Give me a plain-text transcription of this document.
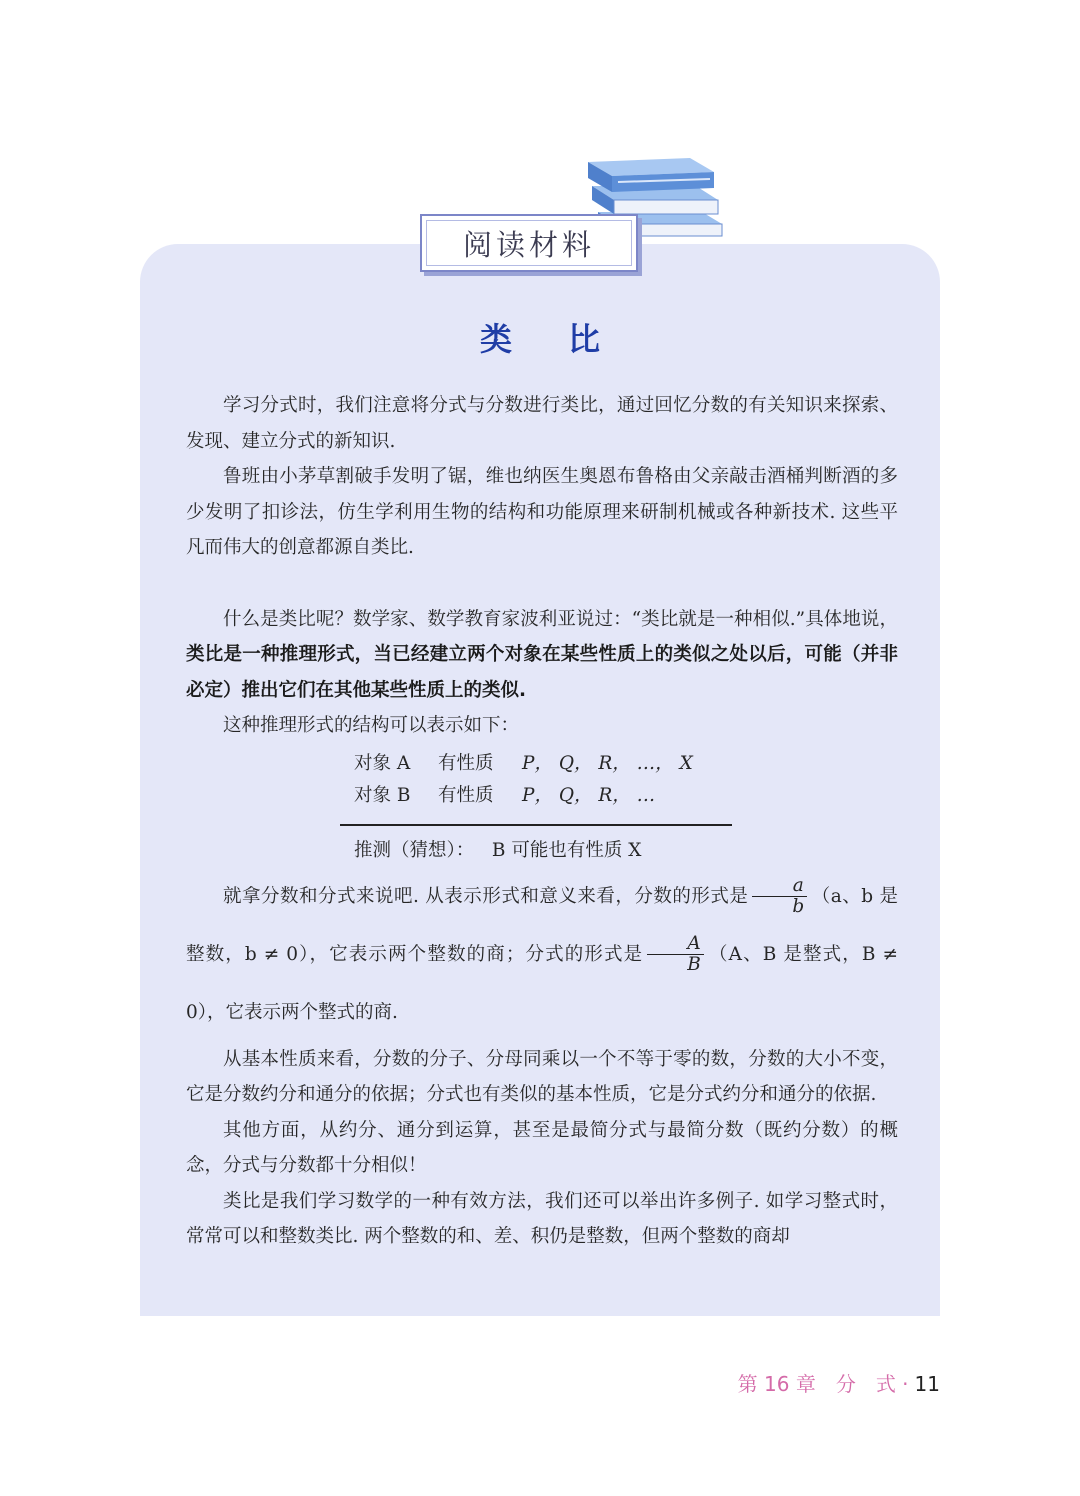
阅读材料
类 比

学习分式时，我们注意将分式与分数进行类比，通过回忆分数的有关知识来探索、发现、建立分式的新知识.

鲁班由小茅草割破手发明了锯，维也纳医生奥恩布鲁格由父亲敲击酒桶判断酒的多少发明了扣诊法，仿生学利用生物的结构和功能原理来研制机械或各种新技术. 这些平凡而伟大的创意都源自类比.

什么是类比呢？数学家、数学教育家波利亚说过：“类比就是一种相似.”具体地说，类比是一种推理形式，当已经建立两个对象在某些性质上的类似之处以后，可能（并非必定）推出它们在其他某些性质上的类似.

这种推理形式的结构可以表示如下：

对象 A 有性质 P， Q， R， …， X
对象 B 有性质 P， Q， R， …
推测（猜想）： B 可能也有性质 X

就拿分数和分式来说吧. 从表示形式和意义来看，分数的形式是 $\frac{a}{b} (a$、b 是整数，b ≠ 0），它表示两个整数的商；分式的形式是 $\frac{A}{B} (A$、B 是整式，B ≠ 0），它表示两个整式的商.

从基本性质来看，分数的分子、分母同乘以一个不等于零的数，分数的大小不变，它是分数约分和通分的依据；分式也有类似的基本性质，它是分式约分和通分的依据.

其他方面，从约分、通分到运算，甚至是最简分式与最简分数（既约分数）的概念，分式与分数都十分相似！

类比是我们学习数学的一种有效方法，我们还可以举出许多例子. 如学习整式时，常常可以和整数类比. 两个整数的和、差、积仍是整数，但两个整数的商却

第 16 章　分　式 · 11
